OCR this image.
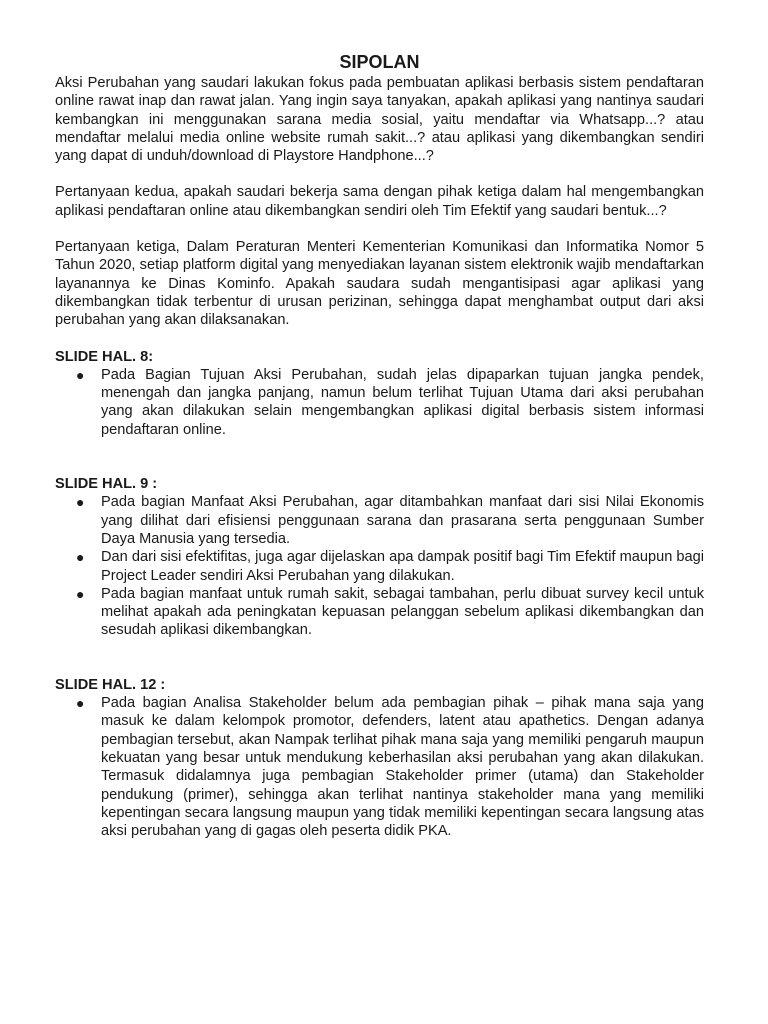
SIPOLAN

Aksi Perubahan yang saudari lakukan fokus pada pembuatan aplikasi berbasis sistem pendaftaran online rawat inap dan rawat jalan. Yang ingin saya tanyakan, apakah aplikasi yang nantinya saudari kembangkan ini menggunakan sarana media sosial, yaitu mendaftar via Whatsapp...? atau mendaftar melalui media online website rumah sakit...? atau aplikasi yang dikembangkan sendiri yang dapat di unduh/download di Playstore Handphone...?

Pertanyaan kedua, apakah saudari bekerja sama dengan pihak ketiga dalam hal mengembangkan aplikasi pendaftaran online atau dikembangkan sendiri oleh Tim Efektif yang saudari bentuk...?

Pertanyaan ketiga, Dalam Peraturan Menteri Kementerian Komunikasi dan Informatika Nomor 5 Tahun 2020, setiap platform digital yang menyediakan layanan sistem elektronik wajib mendaftarkan layanannya ke Dinas Kominfo. Apakah saudara sudah mengantisipasi agar aplikasi yang dikembangkan tidak terbentur di urusan perizinan, sehingga dapat menghambat output dari aksi perubahan yang akan dilaksanakan.

SLIDE HAL. 8:

● Pada Bagian Tujuan Aksi Perubahan, sudah jelas dipaparkan tujuan jangka pendek, menengah dan jangka panjang, namun belum terlihat Tujuan Utama dari aksi perubahan yang akan dilakukan selain mengembangkan aplikasi digital berbasis sistem informasi pendaftaran online.

SLIDE HAL. 9 :

● Pada bagian Manfaat Aksi Perubahan, agar ditambahkan manfaat dari sisi Nilai Ekonomis yang dilihat dari efisiensi penggunaan sarana dan prasarana serta penggunaan Sumber Daya Manusia yang tersedia.
● Dan dari sisi efektifitas, juga agar dijelaskan apa dampak positif bagi Tim Efektif maupun bagi Project Leader sendiri Aksi Perubahan yang dilakukan.
● Pada bagian manfaat untuk rumah sakit, sebagai tambahan, perlu dibuat survey kecil untuk melihat apakah ada peningkatan kepuasan pelanggan sebelum aplikasi dikembangkan dan sesudah aplikasi dikembangkan.

SLIDE HAL. 12 :

● Pada bagian Analisa Stakeholder belum ada pembagian pihak – pihak mana saja yang masuk ke dalam kelompok promotor, defenders, latent atau apathetics. Dengan adanya pembagian tersebut, akan Nampak terlihat pihak mana saja yang memiliki pengaruh maupun kekuatan yang besar untuk mendukung keberhasilan aksi perubahan yang akan dilakukan. Termasuk didalamnya juga pembagian Stakeholder primer (utama) dan Stakeholder pendukung (primer), sehingga akan terlihat nantinya stakeholder mana yang memiliki kepentingan secara langsung maupun yang tidak memiliki kepentingan secara langsung atas aksi perubahan yang di gagas oleh peserta didik PKA.
